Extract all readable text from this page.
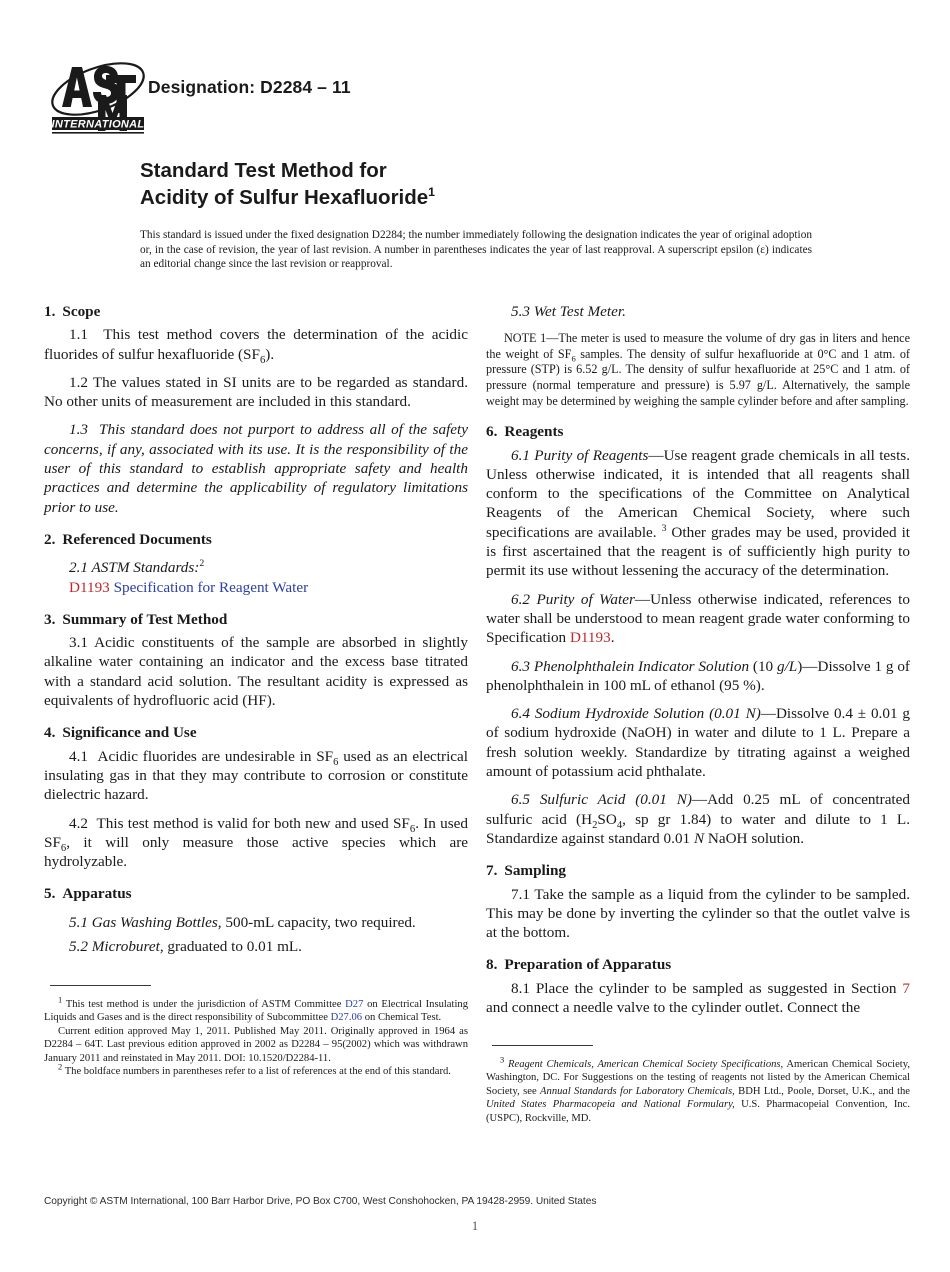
INTERNATIONAL
Designation: D2284 – 11
Standard Test Method for
Acidity of Sulfur Hexafluoride$^1$
This standard is issued under the fixed designation D2284; the number immediately following the designation indicates the year of original adoption or, in the case of revision, the year of last revision. A number in parentheses indicates the year of last reapproval. A superscript epsilon (ε) indicates an editorial change since the last revision or reapproval.
1. Scope

1.1  This test method covers the determination of the acidic fluorides of sulfur hexafluoride $(SF_6)$.

1.2 The values stated in SI units are to be regarded as standard. No other units of measurement are included in this standard.

1.3  This standard does not purport to address all of the safety concerns, if any, associated with its use. It is the responsibility of the user of this standard to establish appropriate safety and health practices and determine the applicability of regulatory limitations prior to use.

2. Referenced Documents

2.1 ASTM Standards:$^2$

D1193 Specification for Reagent Water

3. Summary of Test Method

3.1 Acidic constituents of the sample are absorbed in slightly alkaline water containing an indicator and the excess base titrated with a standard acid solution. The resultant acidity is expressed as equivalents of hydrofluoric acid (HF).

4. Significance and Use

4.1  Acidic fluorides are undesirable in $SF_6$ used as an electrical insulating gas in that they may contribute to corrosion or constitute dielectric hazard.

4.2  This test method is valid for both new and used $SF_6$. In used $SF_6$, it will only measure those active species which are hydrolyzable.

5. Apparatus

5.1 Gas Washing Bottles, 500-mL capacity, two required.

5.2 Microburet, graduated to 0.01 mL.

5.3 Wet Test Meter.

NOTE 1—The meter is used to measure the volume of dry gas in liters and hence the weight of $SF_6$ samples. The density of sulfur hexafluoride at 0°C and 1 atm. of pressure (STP) is 6.52 g/L. The density of sulfur hexafluoride at 25°C and 1 atm. of pressure (normal temperature and pressure) is 5.97 g/L. Alternatively, the sample weight may be determined by weighing the sample cylinder before and after sampling.

6. Reagents

6.1 Purity of Reagents—Use reagent grade chemicals in all tests. Unless otherwise indicated, it is intended that all reagents shall conform to the specifications of the Committee on Analytical Reagents of the American Chemical Society, where such specifications are available. $^3$ Other grades may be used, provided it is first ascertained that the reagent is of sufficiently high purity to permit its use without lessening the accuracy of the determination.

6.2 Purity of Water—Unless otherwise indicated, references to water shall be understood to mean reagent grade water conforming to Specification D1193.

6.3 Phenolphthalein Indicator Solution (10 g/L)—Dissolve 1 g of phenolphthalein in 100 mL of ethanol (95 %).

6.4 Sodium Hydroxide Solution (0.01 N)—Dissolve 0.4 ± 0.01 g of sodium hydroxide (NaOH) in water and dilute to 1 L. Prepare a fresh solution weekly. Standardize by titrating against a weighed amount of potassium acid phthalate.

6.5 Sulfuric Acid (0.01 N)—Add 0.25 mL of concentrated sulfuric acid ($H_2SO_4$, sp gr 1.84) to water and dilute to 1 L. Standardize against standard 0.01 N NaOH solution.

7. Sampling

7.1 Take the sample as a liquid from the cylinder to be sampled. This may be done by inverting the cylinder so that the outlet valve is at the bottom.

8. Preparation of Apparatus

8.1 Place the cylinder to be sampled as suggested in Section 7 and connect a needle valve to the cylinder outlet. Connect the

$^1$ This test method is under the jurisdiction of ASTM Committee D27 on Electrical Insulating Liquids and Gases and is the direct responsibility of Subcommittee D27.06 on Chemical Test.

Current edition approved May 1, 2011. Published May 2011. Originally approved in 1964 as D2284 – 64T. Last previous edition approved in 2002 as D2284 – 95(2002) which was withdrawn January 2011 and reinstated in May 2011. DOI: 10.1520/D2284-11.

$^2$ The boldface numbers in parentheses refer to a list of references at the end of this standard.

$^3$ Reagent Chemicals, American Chemical Society Specifications, American Chemical Society, Washington, DC. For Suggestions on the testing of reagents not listed by the American Chemical Society, see Annual Standards for Laboratory Chemicals, BDH Ltd., Poole, Dorset, U.K., and the United States Pharmacopeia and National Formulary, U.S. Pharmacopeial Convention, Inc. (USPC), Rockville, MD.

Copyright © ASTM International, 100 Barr Harbor Drive, PO Box C700, West Conshohocken, PA 19428-2959. United States
1
